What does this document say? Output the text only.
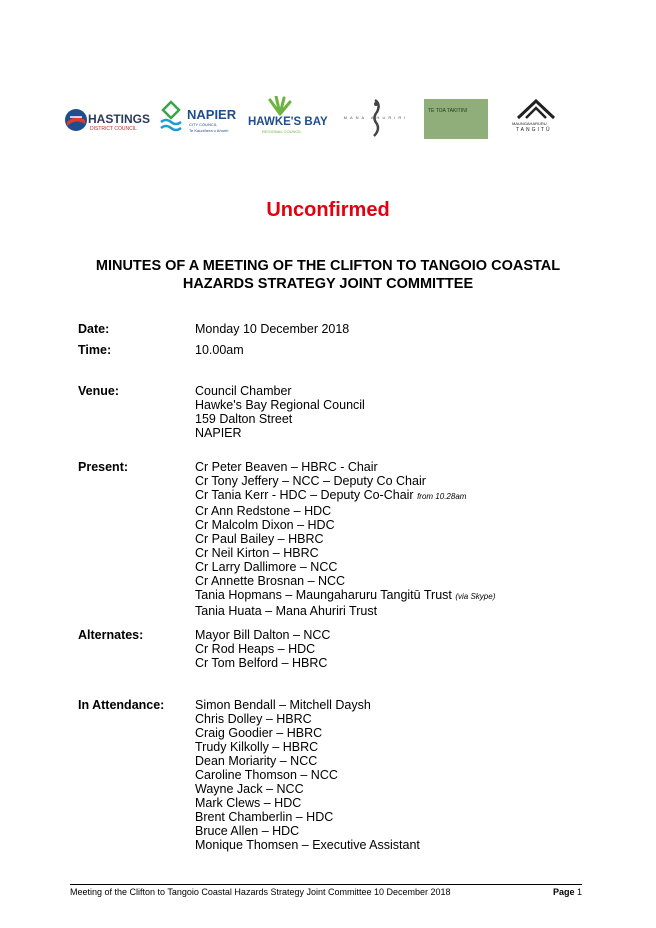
HASTINGS
DISTRICT COUNCIL
NAPIER
CITY COUNCIL
Te Kaunihera o Ahuriri
HAWKE'S BAY
REGIONAL COUNCIL
MANA AHURIRI
TE TOA TAKITINI
MAUNGAHARURU
TANGITŪ
Unconfirmed
MINUTES OF A MEETING OF THE CLIFTON TO TANGOIO COASTAL
HAZARDS STRATEGY JOINT COMMITTEE
Date:	Monday 10 December 2018
Time:	10.00am
Venue:	Council Chamber
Hawke's Bay Regional Council
159 Dalton Street
NAPIER
Present:	Cr Peter Beaven – HBRC - Chair
Cr Tony Jeffery – NCC – Deputy Co Chair
Cr Tania Kerr - HDC – Deputy Co-Chair from 10.28am
Cr Ann Redstone – HDC
Cr Malcolm Dixon – HDC
Cr Paul Bailey – HBRC
Cr Neil Kirton – HBRC
Cr Larry Dallimore – NCC
Cr Annette Brosnan – NCC
Tania Hopmans – Maungaharuru Tangitū Trust (via Skype)
Tania Huata – Mana Ahuriri Trust
Alternates:	Mayor Bill Dalton – NCC
Cr Rod Heaps – HDC
Cr Tom Belford – HBRC
In Attendance: Simon Bendall – Mitchell Daysh
Chris Dolley – HBRC
Craig Goodier – HBRC
Trudy Kilkolly – HBRC
Dean Moriarity – NCC
Caroline Thomson – NCC
Wayne Jack – NCC
Mark Clews – HDC
Brent Chamberlin – HDC
Bruce Allen – HDC
Monique Thomsen – Executive Assistant
Meeting of the Clifton to Tangoio Coastal Hazards Strategy Joint Committee 10 December 2018	Page 1
